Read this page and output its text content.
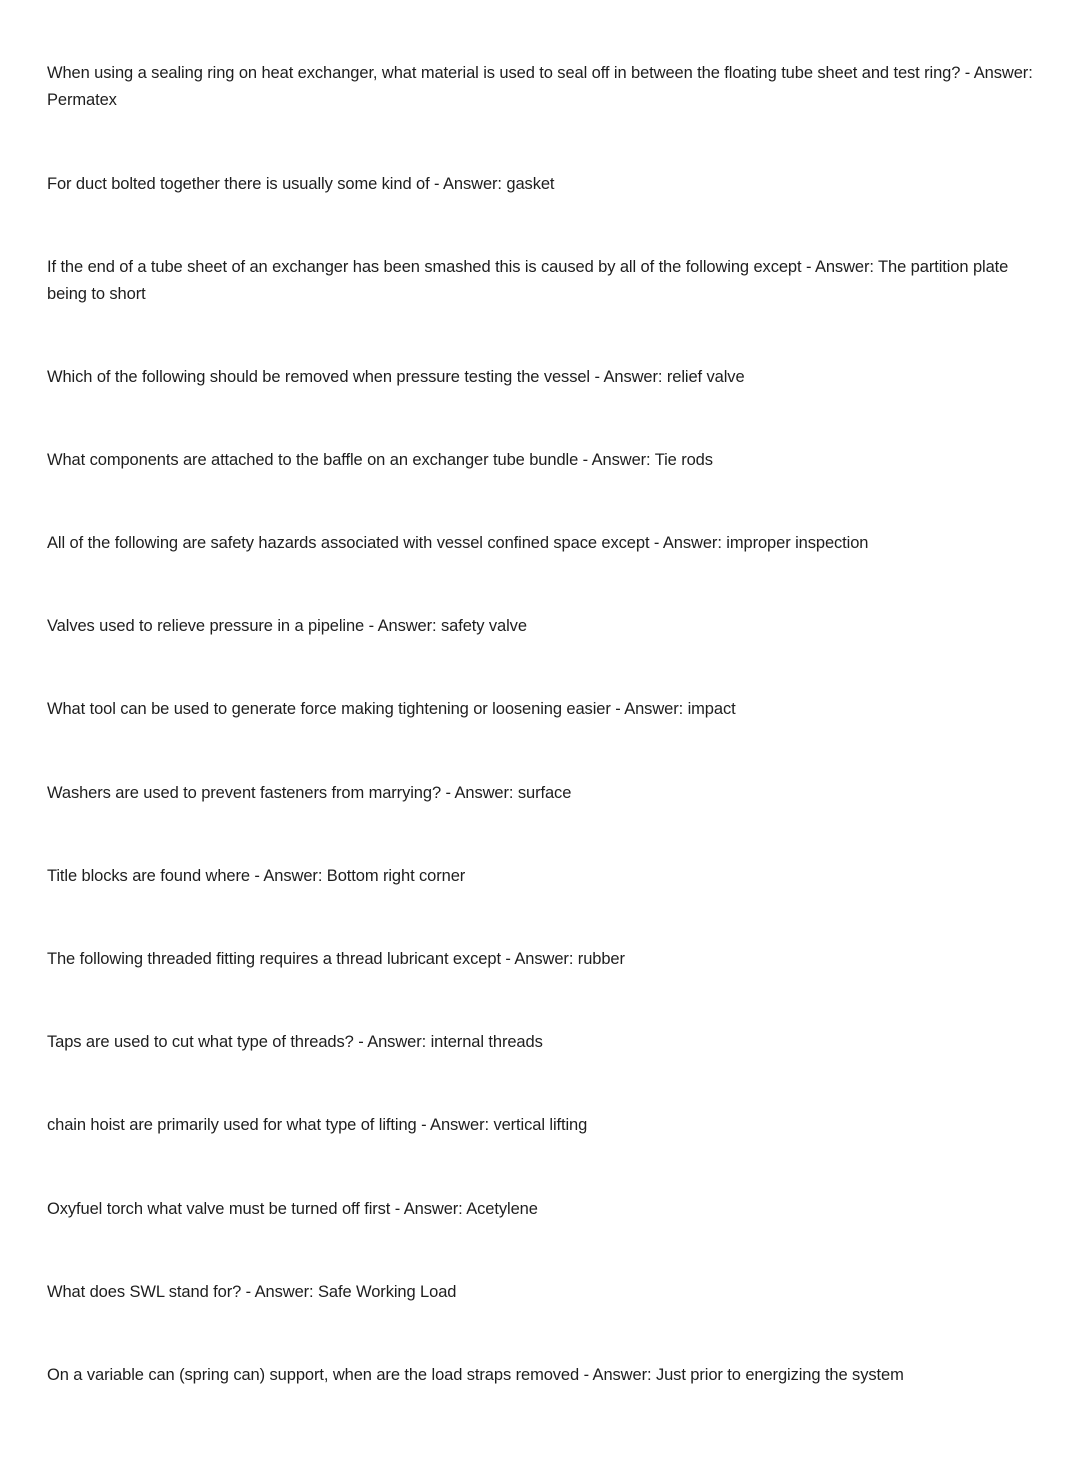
When using a sealing ring on heat exchanger, what material is used to seal off in between the floating tube sheet and test ring? - Answer: Permatex

For duct bolted together there is usually some kind of - Answer: gasket

If the end of a tube sheet of an exchanger has been smashed this is caused by all of the following except - Answer: The partition plate being to short

Which of the following should be removed when pressure testing the vessel - Answer: relief valve

What components are attached to the baffle on an exchanger tube bundle - Answer: Tie rods

All of the following are safety hazards associated with vessel confined space except - Answer: improper inspection

Valves used to relieve pressure in a pipeline - Answer: safety valve

What tool can be used to generate force making tightening or loosening easier - Answer: impact

Washers are used to prevent fasteners from marrying? - Answer: surface

Title blocks are found where - Answer: Bottom right corner

The following threaded fitting requires a thread lubricant except - Answer: rubber

Taps are used to cut what type of threads? - Answer: internal threads

chain hoist are primarily used for what type of lifting - Answer: vertical lifting

Oxyfuel torch what valve must be turned off first - Answer: Acetylene

What does SWL stand for? - Answer: Safe Working Load

On a variable can (spring can) support, when are the load straps removed - Answer: Just prior to energizing the system
